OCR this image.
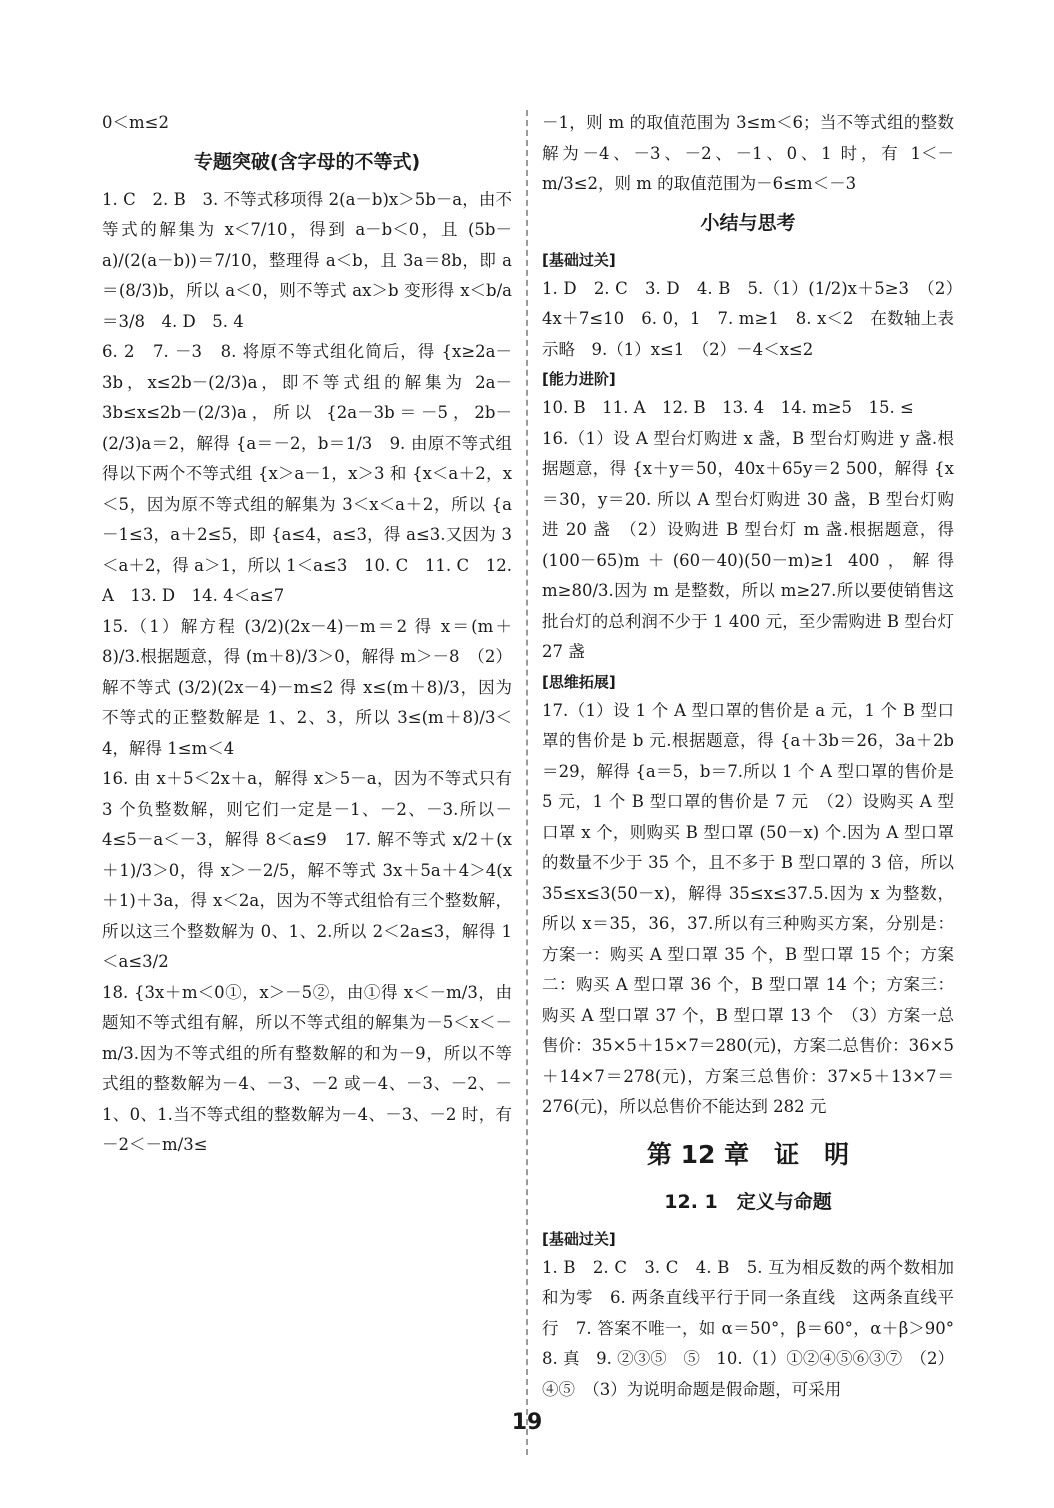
0＜m≤2
专题突破(含字母的不等式)
1. C　2. B　3. 不等式移项得 2(a－b)x＞5b－a，由不等式的解集为 x＜7/10，得到 a－b＜0，且 (5b－a)/(2(a－b))＝7/10，整理得 a＜b，且 3a＝8b，即 a＝(8/3)b，所以 a＜0，则不等式 ax＞b 变形得 x＜b/a＝3/8　4. D　5. 4
6. 2　7. －3　8. 将原不等式组化简后，得 {x≥2a－3b，x≤2b－(2/3)a，即不等式组的解集为 2a－3b≤x≤2b－(2/3)a，所以 {2a－3b＝－5，2b－(2/3)a＝2，解得 {a＝－2，b＝1/3　9. 由原不等式组得以下两个不等式组 {x＞a－1，x＞3 和 {x＜a＋2，x＜5，因为原不等式组的解集为 3＜x＜a＋2，所以 {a－1≤3，a＋2≤5，即 {a≤4，a≤3，得 a≤3.又因为 3＜a＋2，得 a＞1，所以 1＜a≤3　10. C　11. C　12. A　13. D　14. 4＜a≤7
15.（1）解方程 (3/2)(2x－4)－m＝2 得 x＝(m＋8)/3.根据题意，得 (m＋8)/3＞0，解得 m＞－8　（2）解不等式 (3/2)(2x－4)－m≤2 得 x≤(m＋8)/3，因为不等式的正整数解是 1、2、3，所以 3≤(m＋8)/3＜4，解得 1≤m＜4
16. 由 x＋5＜2x＋a，解得 x＞5－a，因为不等式只有 3 个负整数解，则它们一定是－1、－2、－3.所以－4≤5－a＜－3，解得 8＜a≤9　17. 解不等式 x/2＋(x＋1)/3＞0，得 x＞－2/5，解不等式 3x＋5a＋4＞4(x＋1)＋3a，得 x＜2a，因为不等式组恰有三个整数解，所以这三个整数解为 0、1、2.所以 2＜2a≤3，解得 1＜a≤3/2
18. {3x＋m＜0①，x＞－5②，由①得 x＜－m/3，由题知不等式组有解，所以不等式组的解集为－5＜x＜－m/3.因为不等式组的所有整数解的和为－9，所以不等式组的整数解为－4、－3、－2 或－4、－3、－2、－1、0、1.当不等式组的整数解为－4、－3、－2 时，有－2＜－m/3≤
－1，则 m 的取值范围为 3≤m＜6；当不等式组的整数解为－4、－3、－2、－1、0、1 时，有 1＜－m/3≤2，则 m 的取值范围为－6≤m＜－3
小结与思考
[基础过关]
1. D　2. C　3. D　4. B　5.（1）(1/2)x＋5≥3　（2）4x＋7≤10　6. 0，1　7. m≥1　8. x＜2　在数轴上表示略　9.（1）x≤1　（2）－4＜x≤2
[能力进阶]
10. B　11. A　12. B　13. 4　14. m≥5　15. ≤
16.（1）设 A 型台灯购进 x 盏，B 型台灯购进 y 盏.根据题意，得 {x＋y＝50，40x＋65y＝2 500，解得 {x＝30，y＝20. 所以 A 型台灯购进 30 盏，B 型台灯购进 20 盏　（2）设购进 B 型台灯 m 盏.根据题意，得 (100－65)m＋(60－40)(50－m)≥1 400，解得 m≥80/3.因为 m 是整数，所以 m≥27.所以要使销售这批台灯的总利润不少于 1 400 元，至少需购进 B 型台灯 27 盏
[思维拓展]
17.（1）设 1 个 A 型口罩的售价是 a 元，1 个 B 型口罩的售价是 b 元.根据题意，得 {a＋3b＝26，3a＋2b＝29，解得 {a＝5，b＝7.所以 1 个 A 型口罩的售价是 5 元，1 个 B 型口罩的售价是 7 元　（2）设购买 A 型口罩 x 个，则购买 B 型口罩 (50－x) 个.因为 A 型口罩的数量不少于 35 个，且不多于 B 型口罩的 3 倍，所以 35≤x≤3(50－x)，解得 35≤x≤37.5.因为 x 为整数，所以 x＝35，36，37.所以有三种购买方案，分别是：方案一：购买 A 型口罩 35 个，B 型口罩 15 个；方案二：购买 A 型口罩 36 个，B 型口罩 14 个；方案三：购买 A 型口罩 37 个，B 型口罩 13 个　（3）方案一总售价：35×5＋15×7＝280(元)，方案二总售价：36×5＋14×7＝278(元)，方案三总售价：37×5＋13×7＝276(元)，所以总售价不能达到 282 元
第 12 章　证　明
12. 1　定义与命题
[基础过关]
1. B　2. C　3. C　4. B　5. 互为相反数的两个数相加　和为零　6. 两条直线平行于同一条直线　这两条直线平行　7. 答案不唯一，如 α＝50°，β＝60°，α＋β＞90°　8. 真　9. ②③⑤　⑤　10.（1）①②④⑤⑥③⑦　（2）④⑤　（3）为说明命题是假命题，可采用
19
